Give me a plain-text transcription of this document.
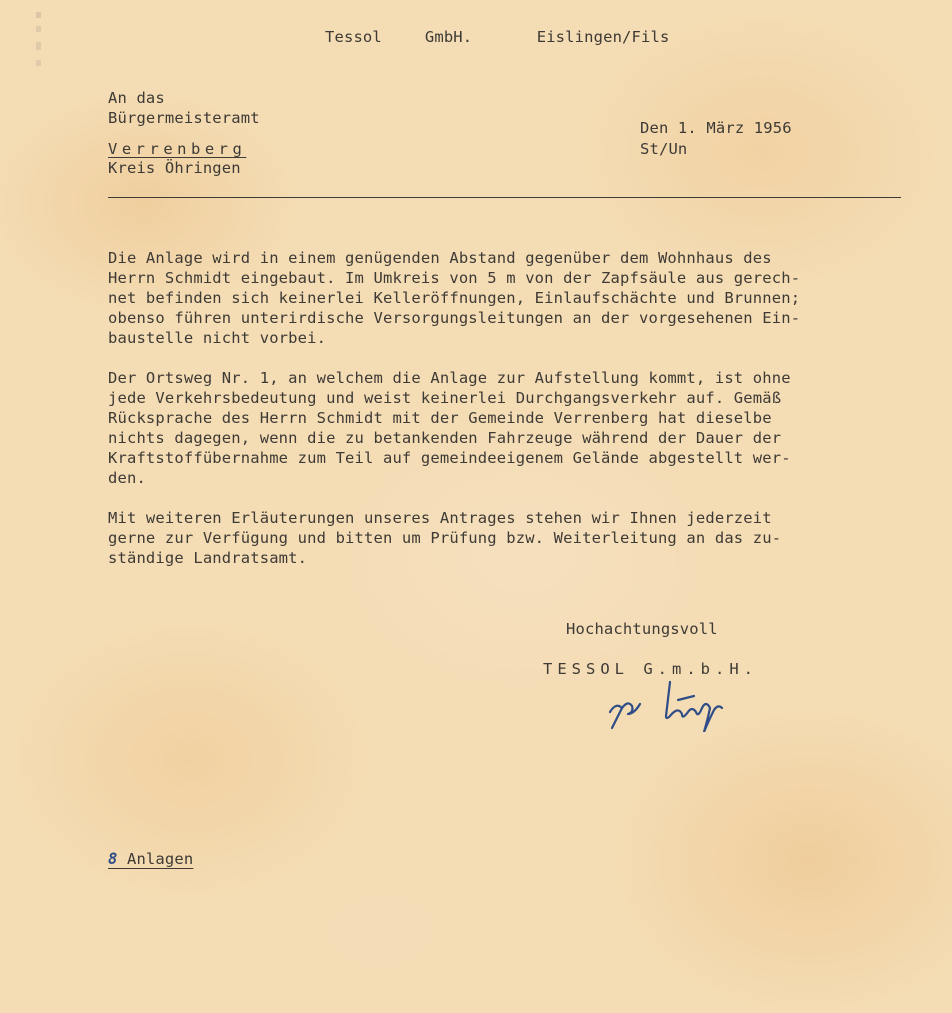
Tessol  GmbH.   Eislingen/Fils
An das
Bürgermeisteramt
Verrenberg
Kreis Öhringen
Den 1. März 1956
St/Un
Die Anlage wird in einem genügenden Abstand gegenüber dem Wohnhaus des
Herrn Schmidt eingebaut. Im Umkreis von 5 m von der Zapfsäule aus gerech-
net befinden sich keinerlei Kelleröffnungen, Einlaufschächte und Brunnen;
obenso führen unterirdische Versorgungsleitungen an der vorgesehenen Ein-
baustelle nicht vorbei.
Der Ortsweg Nr. 1, an welchem die Anlage zur Aufstellung kommt, ist ohne
jede Verkehrsbedeutung und weist keinerlei Durchgangsverkehr auf. Gemäß
Rücksprache des Herrn Schmidt mit der Gemeinde Verrenberg hat dieselbe
nichts dagegen, wenn die zu betankenden Fahrzeuge während der Dauer der
Kraftstoffübernahme zum Teil auf gemeindeeigenem Gelände abgestellt wer-
den.
Mit weiteren Erläuterungen unseres Antrages stehen wir Ihnen jederzeit
gerne zur Verfügung und bitten um Prüfung bzw. Weiterleitung an das zu-
ständige Landratsamt.
Hochachtungsvoll
TESSOL G.m.b.H.
8 Anlagen
